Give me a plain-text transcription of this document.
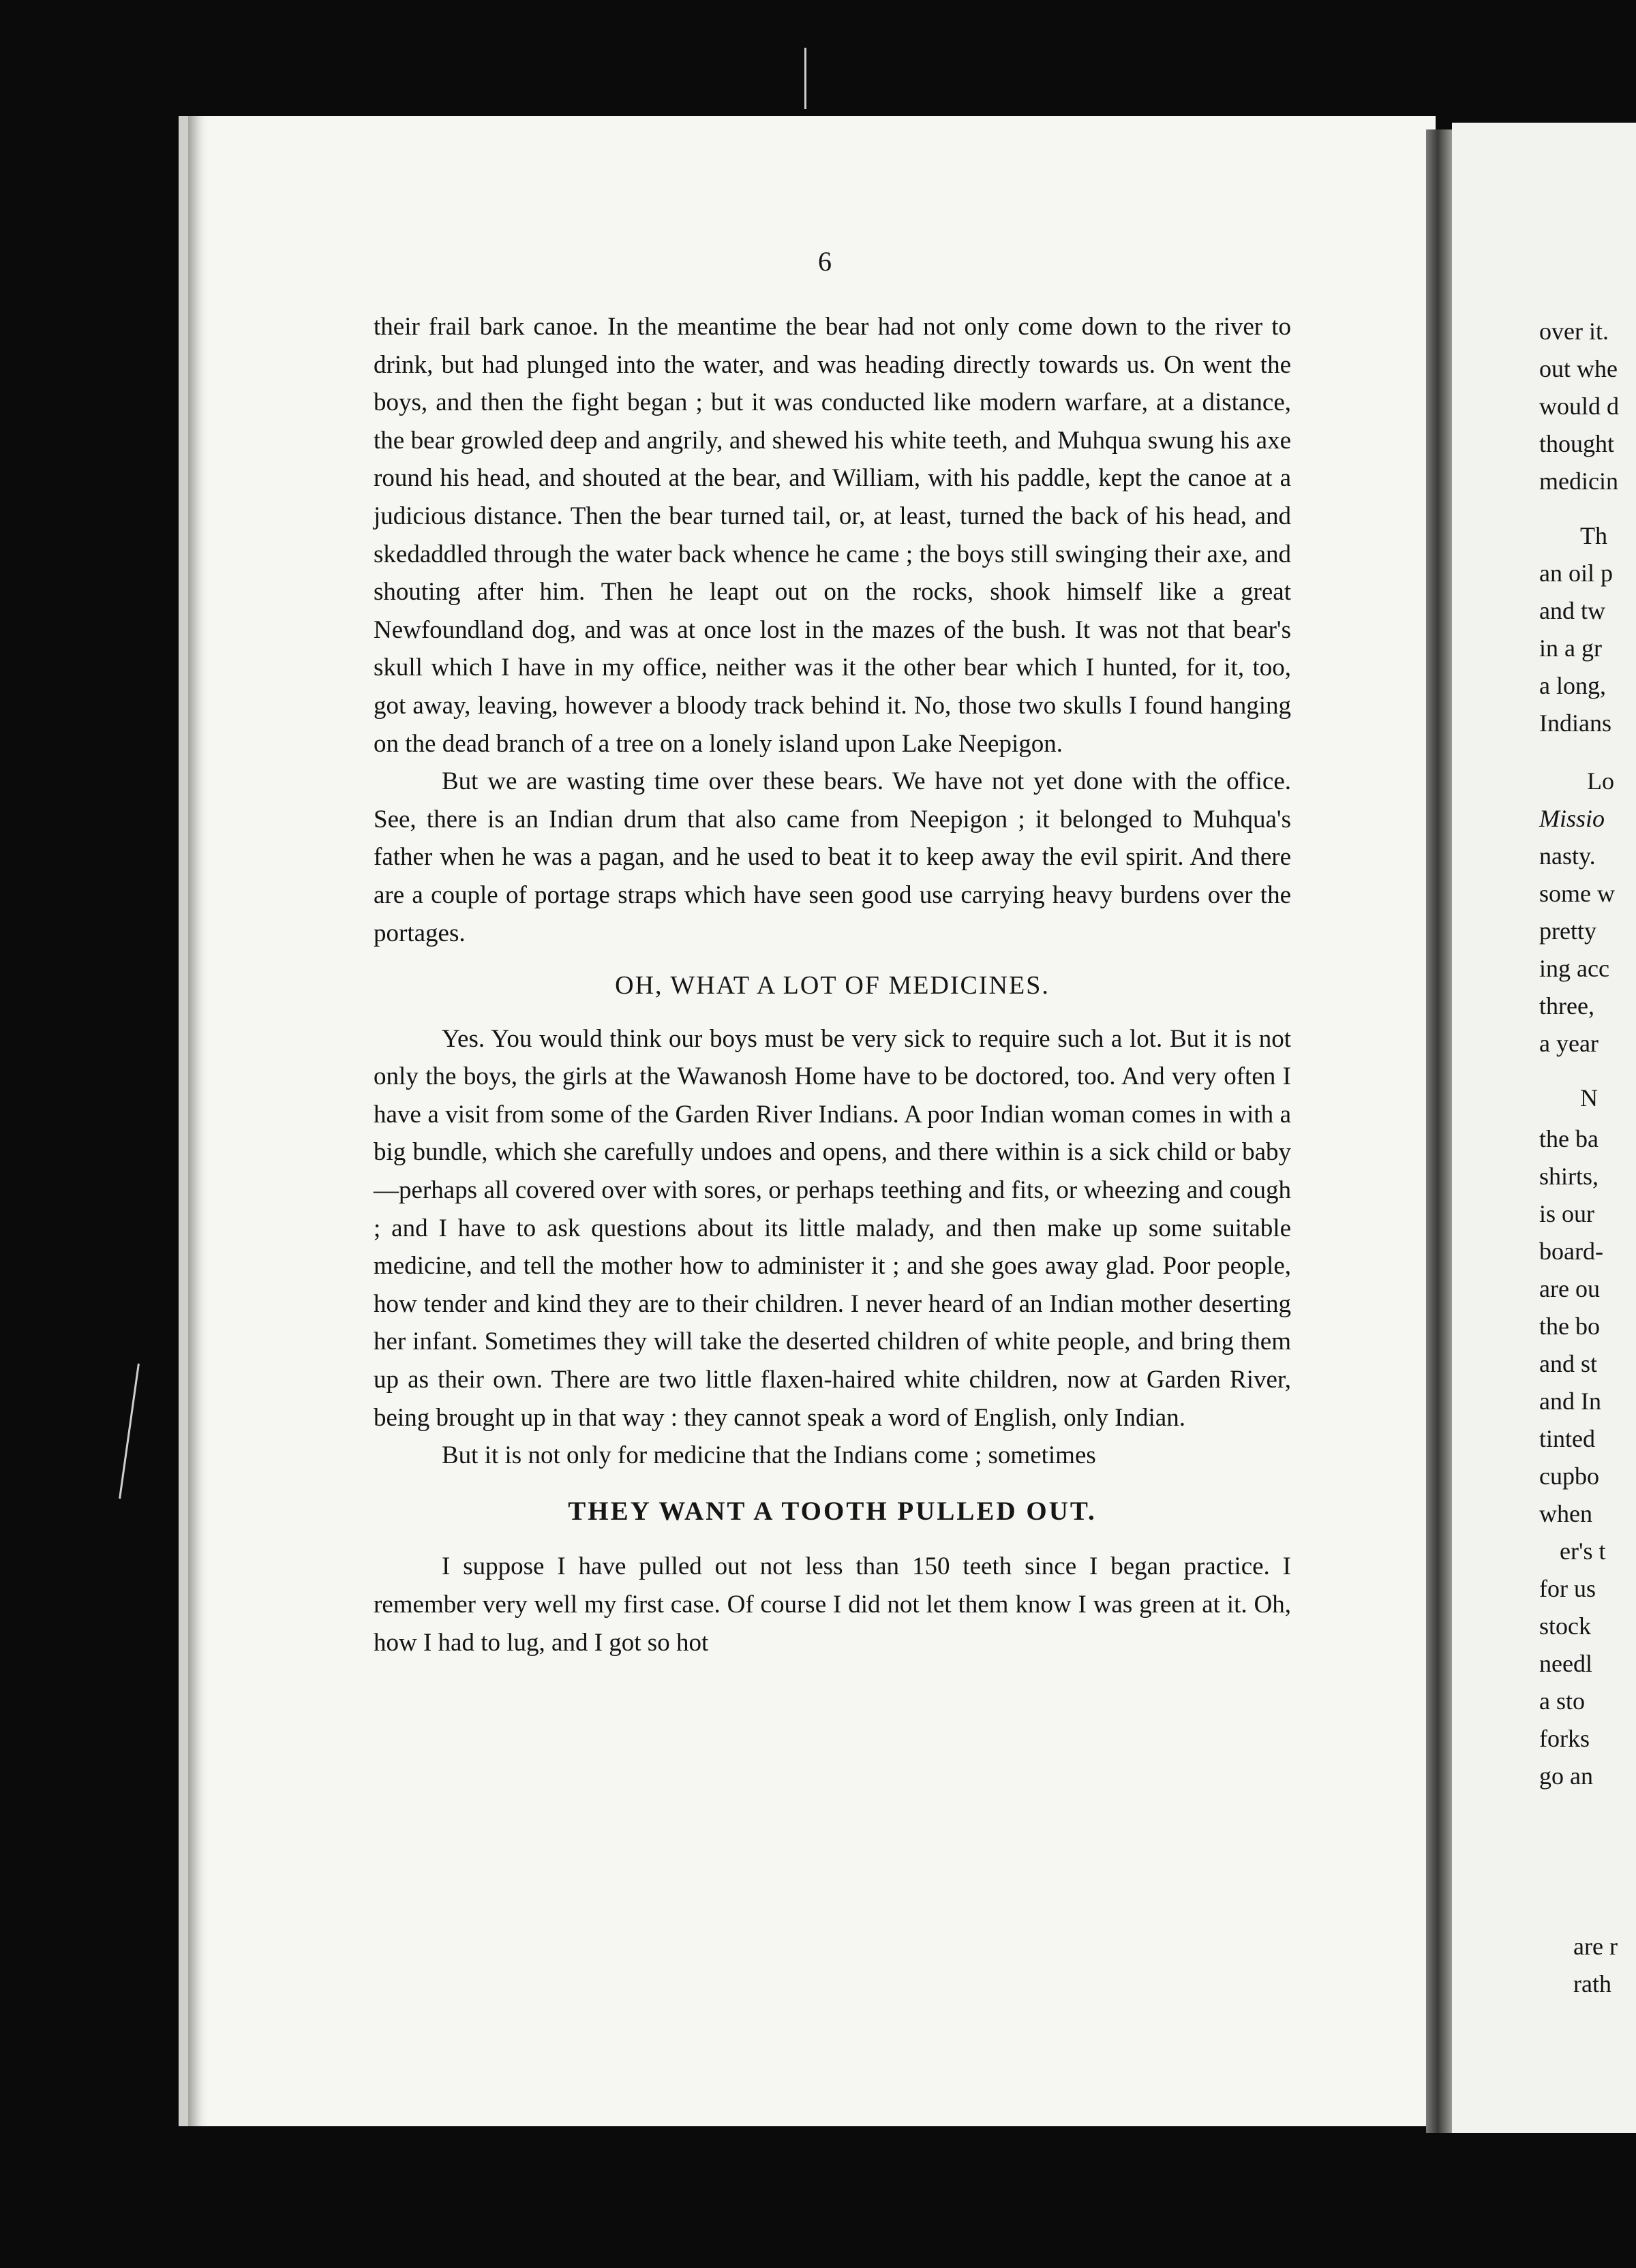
6

their frail bark canoe. In the meantime the bear had not only come down to the river to drink, but had plunged into the water, and was heading directly towards us. On went the boys, and then the fight began ; but it was conducted like modern warfare, at a distance, the bear growled deep and angrily, and shewed his white teeth, and Muhqua swung his axe round his head, and shouted at the bear, and William, with his paddle, kept the canoe at a judicious distance. Then the bear turned tail, or, at least, turned the back of his head, and skedaddled through the water back whence he came ; the boys still swinging their axe, and shouting after him. Then he leapt out on the rocks, shook himself like a great Newfoundland dog, and was at once lost in the mazes of the bush. It was not that bear's skull which I have in my office, neither was it the other bear which I hunted, for it, too, got away, leaving, however a bloody track behind it. No, those two skulls I found hanging on the dead branch of a tree on a lonely island upon Lake Neepigon.

But we are wasting time over these bears. We have not yet done with the office. See, there is an Indian drum that also came from Neepigon ; it belonged to Muhqua's father when he was a pagan, and he used to beat it to keep away the evil spirit. And there are a couple of portage straps which have seen good use carrying heavy burdens over the portages.

OH, WHAT A LOT OF MEDICINES.

Yes. You would think our boys must be very sick to require such a lot. But it is not only the boys, the girls at the Wawanosh Home have to be doctored, too. And very often I have a visit from some of the Garden River Indians. A poor Indian woman comes in with a big bundle, which she carefully undoes and opens, and there within is a sick child or baby—perhaps all covered over with sores, or perhaps teething and fits, or wheezing and cough ; and I have to ask questions about its little malady, and then make up some suitable medicine, and tell the mother how to administer it ; and she goes away glad. Poor people, how tender and kind they are to their children. I never heard of an Indian mother deserting her infant. Sometimes they will take the deserted children of white people, and bring them up as their own. There are two little flaxen-haired white children, now at Garden River, being brought up in that way : they cannot speak a word of English, only Indian.

But it is not only for medicine that the Indians come ; sometimes

THEY WANT A TOOTH PULLED OUT.

I suppose I have pulled out not less than 150 teeth since I began practice. I remember very well my first case. Of course I did not let them know I was green at it. Oh, how I had to lug, and I got so hot

over it.
out whe
would d
thought
medicin
Th
an oil p
and tw
in a gr
a long,
Indians
Lo
Missio
nasty.
some w
pretty
ing acc
three,
a year
N
the ba
shirts,
is our
board-
are ou
the bo
and st
and In
tinted
cupbo
when
er's t
for us
stock
needl
a sto
forks
go an
are r
rath
